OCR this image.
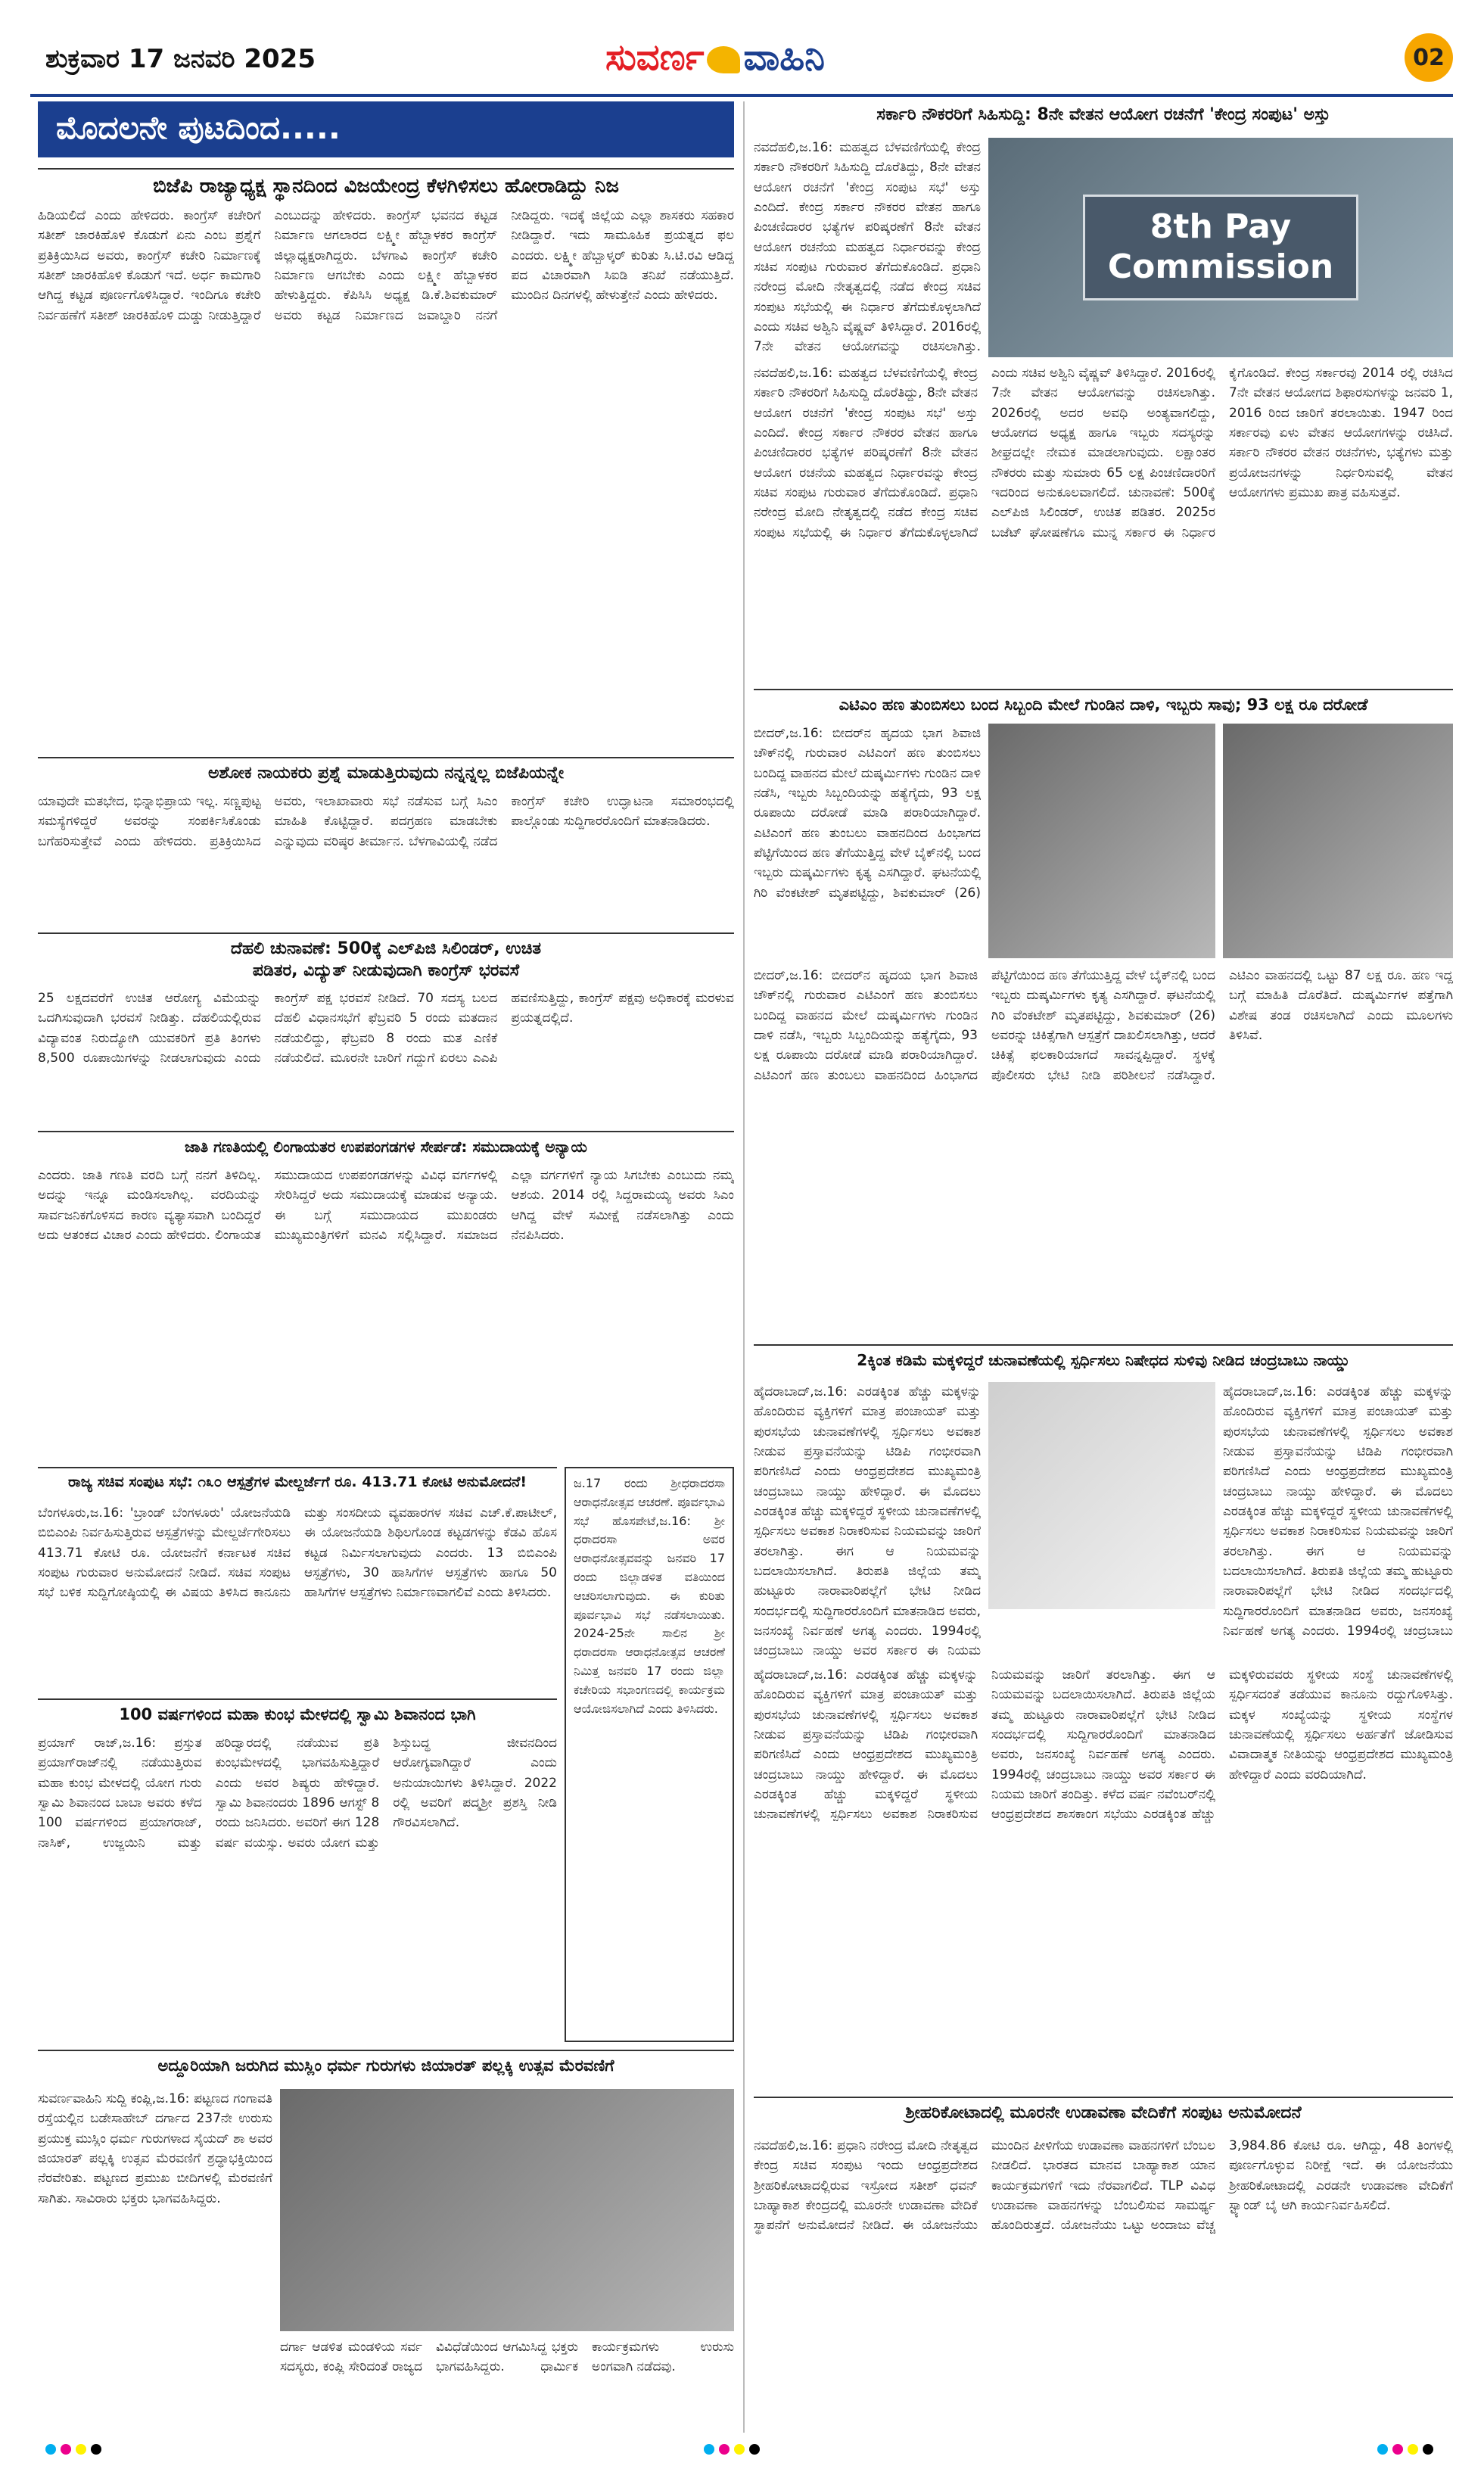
ಶುಕ್ರವಾರ 17 ಜನವರಿ 2025	ಸುವರ್ಣ ವಾಹಿನಿ	02
ಮೊದಲನೇ ಪುಟದಿಂದ.....
ಬಿಜೆಪಿ ರಾಜ್ಯಾಧ್ಯಕ್ಷ ಸ್ಥಾನದಿಂದ ವಿಜಯೇಂದ್ರ ಕೆಳಗಿಳಿಸಲು ಹೋರಾಡಿದ್ದು ನಿಜ
ಹಿಡಿಯಲಿದೆ ಎಂದು ಹೇಳಿದರು. ಕಾಂಗ್ರೆಸ್ ಕಚೇರಿಗೆ ಸತೀಶ್ ಜಾರಕಿಹೊಳಿ ಕೊಡುಗೆ ಏನು ಎಂಬ ಪ್ರಶ್ನೆಗೆ ಪ್ರತಿಕ್ರಿಯಿಸಿದ ಅವರು, ಕಾಂಗ್ರೆಸ್ ಕಚೇರಿ ನಿರ್ಮಾಣಕ್ಕೆ ಸತೀಶ್ ಜಾರಕಿಹೊಳಿ ಕೊಡುಗೆ ಇದೆ. ಅರ್ಧ ಕಾಮಗಾರಿ ಆಗಿದ್ದ ಕಟ್ಟಡ ಪೂರ್ಣಗೊಳಿಸಿದ್ದಾರೆ. ಇಂದಿಗೂ ಕಚೇರಿ ನಿರ್ವಹಣೆಗೆ ಸತೀಶ್ ಜಾರಕಿಹೊಳಿ ದುಡ್ಡು ನೀಡುತ್ತಿದ್ದಾರೆ ಎಂಬುದನ್ನು ಹೇಳಿದರು. ಕಾಂಗ್ರೆಸ್ ಭವನದ ಕಟ್ಟಡ ನಿರ್ಮಾಣ ಆಗಲಾರದ ಲಕ್ಷ್ಮೀ ಹೆಬ್ಬಾಳಕರ ಕಾಂಗ್ರೆಸ್ ಜಿಲ್ಲಾಧ್ಯಕ್ಷರಾಗಿದ್ದರು. ಬೆಳಗಾವಿ ಕಾಂಗ್ರೆಸ್ ಕಚೇರಿ ನಿರ್ಮಾಣ ಆಗಬೇಕು ಎಂದು ಲಕ್ಷ್ಮೀ ಹೆಬ್ಬಾಳಕರ ಹೇಳುತ್ತಿದ್ದರು. ಕೆಪಿಸಿಸಿ ಅಧ್ಯಕ್ಷ ಡಿ.ಕೆ.ಶಿವಕುಮಾರ್ ಅವರು ಕಟ್ಟಡ ನಿರ್ಮಾಣದ ಜವಾಬ್ದಾರಿ ನನಗೆ ನೀಡಿದ್ದರು. ಇದಕ್ಕೆ ಜಿಲ್ಲೆಯ ಎಲ್ಲಾ ಶಾಸಕರು ಸಹಕಾರ ನೀಡಿದ್ದಾರೆ. ಇದು ಸಾಮೂಹಿಕ ಪ್ರಯತ್ನದ ಫಲ ಎಂದರು. ಲಕ್ಷ್ಮೀ ಹೆಬ್ಬಾಳ್ಕರ್ ಕುರಿತು ಸಿ.ಟಿ.ರವಿ ಆಡಿದ್ದ ಪದ ವಿಚಾರವಾಗಿ ಸಿಐಡಿ ತನಿಖೆ ನಡೆಯುತ್ತಿದೆ. ಮುಂದಿನ ದಿನಗಳಲ್ಲಿ ಹೇಳುತ್ತೇನೆ ಎಂದು ಹೇಳಿದರು.
ಅಶೋಕ ನಾಯಕರು ಪ್ರಶ್ನೆ ಮಾಡುತ್ತಿರುವುದು ನನ್ನನ್ನಲ್ಲ ಬಿಜೆಪಿಯನ್ನೇ
ಯಾವುದೇ ಮತಭೇದ, ಭಿನ್ನಾಭಿಪ್ರಾಯ ಇಲ್ಲ. ಸಣ್ಣಪುಟ್ಟ ಸಮಸ್ಯೆಗಳಿದ್ದರೆ ಅವರನ್ನು ಸಂಪರ್ಕಿಸಿಕೊಂಡು ಬಗೆಹರಿಸುತ್ತೇವೆ ಎಂದು ಹೇಳಿದರು. ಪ್ರತಿಕ್ರಿಯಿಸಿದ ಅವರು, ಇಲಾಖಾವಾರು ಸಭೆ ನಡೆಸುವ ಬಗ್ಗೆ ಸಿಎಂ ಮಾಹಿತಿ ಕೊಟ್ಟಿದ್ದಾರೆ. ಪದಗ್ರಹಣ ಮಾಡಬೇಕು ಎನ್ನುವುದು ವರಿಷ್ಠರ ತೀರ್ಮಾನ. ಬೆಳಗಾವಿಯಲ್ಲಿ ನಡೆದ ಕಾಂಗ್ರೆಸ್ ಕಚೇರಿ ಉದ್ಘಾಟನಾ ಸಮಾರಂಭದಲ್ಲಿ ಪಾಲ್ಗೊಂಡು ಸುದ್ದಿಗಾರರೊಂದಿಗೆ ಮಾತನಾಡಿದರು.
ದೆಹಲಿ ಚುನಾವಣೆ: 500ಕ್ಕೆ ಎಲ್‌ಪಿಜಿ ಸಿಲಿಂಡರ್, ಉಚಿತ
ಪಡಿತರ, ವಿದ್ಯುತ್ ನೀಡುವುದಾಗಿ ಕಾಂಗ್ರೆಸ್ ಭರವಸೆ
25 ಲಕ್ಷದವರೆಗೆ ಉಚಿತ ಆರೋಗ್ಯ ವಿಮೆಯನ್ನು ಒದಗಿಸುವುದಾಗಿ ಭರವಸೆ ನೀಡಿತ್ತು. ದೆಹಲಿಯಲ್ಲಿರುವ ವಿದ್ಯಾವಂತ ನಿರುದ್ಯೋಗಿ ಯುವಕರಿಗೆ ಪ್ರತಿ ತಿಂಗಳು 8,500 ರೂಪಾಯಿಗಳನ್ನು ನೀಡಲಾಗುವುದು ಎಂದು ಕಾಂಗ್ರೆಸ್ ಪಕ್ಷ ಭರವಸೆ ನೀಡಿದೆ. 70 ಸದಸ್ಯ ಬಲದ ದೆಹಲಿ ವಿಧಾನಸಭೆಗೆ ಫೆಬ್ರವರಿ 5 ರಂದು ಮತದಾನ ನಡೆಯಲಿದ್ದು, ಫೆಬ್ರವರಿ 8 ರಂದು ಮತ ಎಣಿಕೆ ನಡೆಯಲಿದೆ. ಮೂರನೇ ಬಾರಿಗೆ ಗದ್ದುಗೆ ಏರಲು ಎಎಪಿ ಹವಣಿಸುತ್ತಿದ್ದು, ಕಾಂಗ್ರೆಸ್ ಪಕ್ಷವು ಅಧಿಕಾರಕ್ಕೆ ಮರಳುವ ಪ್ರಯತ್ನದಲ್ಲಿದೆ.
ಜಾತಿ ಗಣತಿಯಲ್ಲಿ ಲಿಂಗಾಯತರ ಉಪಪಂಗಡಗಳ ಸೇರ್ಪಡೆ: ಸಮುದಾಯಕ್ಕೆ ಅನ್ಯಾಯ
ಎಂದರು. ಜಾತಿ ಗಣತಿ ವರದಿ ಬಗ್ಗೆ ನನಗೆ ತಿಳಿದಿಲ್ಲ. ಅದನ್ನು ಇನ್ನೂ ಮಂಡಿಸಲಾಗಿಲ್ಲ. ವರದಿಯನ್ನು ಸಾರ್ವಜನಿಕಗೊಳಿಸದ ಕಾರಣ ವ್ಯತ್ಯಾಸವಾಗಿ ಬಂದಿದ್ದರೆ ಅದು ಆತಂಕದ ವಿಚಾರ ಎಂದು ಹೇಳಿದರು. ಲಿಂಗಾಯತ ಸಮುದಾಯದ ಉಪಪಂಗಡಗಳನ್ನು ವಿವಿಧ ವರ್ಗಗಳಲ್ಲಿ ಸೇರಿಸಿದ್ದರೆ ಅದು ಸಮುದಾಯಕ್ಕೆ ಮಾಡುವ ಅನ್ಯಾಯ. ಈ ಬಗ್ಗೆ ಸಮುದಾಯದ ಮುಖಂಡರು ಮುಖ್ಯಮಂತ್ರಿಗಳಿಗೆ ಮನವಿ ಸಲ್ಲಿಸಿದ್ದಾರೆ. ಸಮಾಜದ ಎಲ್ಲಾ ವರ್ಗಗಳಿಗೆ ನ್ಯಾಯ ಸಿಗಬೇಕು ಎಂಬುದು ನಮ್ಮ ಆಶಯ. 2014 ರಲ್ಲಿ ಸಿದ್ದರಾಮಯ್ಯ ಅವರು ಸಿಎಂ ಆಗಿದ್ದ ವೇಳೆ ಸಮೀಕ್ಷೆ ನಡೆಸಲಾಗಿತ್ತು ಎಂದು ನೆನಪಿಸಿದರು.
ರಾಜ್ಯ ಸಚಿವ ಸಂಪುಟ ಸಭೆ: ೧೩೦ ಆಸ್ಪತ್ರೆಗಳ ಮೇಲ್ದರ್ಜೆಗೆ ರೂ. 413.71 ಕೋಟಿ ಅನುಮೋದನೆ!
ಬೆಂಗಳೂರು,ಜ.16: 'ಬ್ರಾಂಡ್ ಬೆಂಗಳೂರು' ಯೋಜನೆಯಡಿ ಬಿಬಿಎಂಪಿ ನಿರ್ವಹಿಸುತ್ತಿರುವ ಆಸ್ಪತ್ರೆಗಳನ್ನು ಮೇಲ್ದರ್ಜೆಗೇರಿಸಲು 413.71 ಕೋಟಿ ರೂ. ಯೋಜನೆಗೆ ಕರ್ನಾಟಕ ಸಚಿವ ಸಂಪುಟ ಗುರುವಾರ ಅನುಮೋದನೆ ನೀಡಿದೆ. ಸಚಿವ ಸಂಪುಟ ಸಭೆ ಬಳಿಕ ಸುದ್ದಿಗೋಷ್ಠಿಯಲ್ಲಿ ಈ ವಿಷಯ ತಿಳಿಸಿದ ಕಾನೂನು ಮತ್ತು ಸಂಸದೀಯ ವ್ಯವಹಾರಗಳ ಸಚಿವ ಎಚ್.ಕೆ.ಪಾಟೀಲ್, ಈ ಯೋಜನೆಯಡಿ ಶಿಥಿಲಗೊಂಡ ಕಟ್ಟಡಗಳನ್ನು ಕೆಡವಿ ಹೊಸ ಕಟ್ಟಡ ನಿರ್ಮಿಸಲಾಗುವುದು ಎಂದರು. 13 ಬಿಬಿಎಂಪಿ ಆಸ್ಪತ್ರೆಗಳು, 30 ಹಾಸಿಗೆಗಳ ಆಸ್ಪತ್ರೆಗಳು ಹಾಗೂ 50 ಹಾಸಿಗೆಗಳ ಆಸ್ಪತ್ರೆಗಳು ನಿರ್ಮಾಣವಾಗಲಿವೆ ಎಂದು ತಿಳಿಸಿದರು.
ಜ.17 ರಂದು ಶ್ರೀಧರಾದರಸಾ ಆರಾಧನೋತ್ಸವ ಆಚರಣೆ. ಪೂರ್ವಭಾವಿ ಸಭೆ ಹೊಸಪೇಟೆ,ಜ.16: ಶ್ರೀ ಧರಾದರಸಾ ಅವರ ಆರಾಧನೋತ್ಸವವನ್ನು ಜನವರಿ 17 ರಂದು ಜಿಲ್ಲಾಡಳಿತ ವತಿಯಿಂದ ಆಚರಿಸಲಾಗುವುದು. ಈ ಕುರಿತು ಪೂರ್ವಭಾವಿ ಸಭೆ ನಡೆಸಲಾಯಿತು. 2024-25ನೇ ಸಾಲಿನ ಶ್ರೀ ಧರಾದರಸಾ ಆರಾಧನೋತ್ಸವ ಆಚರಣೆ ನಿಮಿತ್ತ ಜನವರಿ 17 ರಂದು ಜಿಲ್ಲಾ ಕಚೇರಿಯ ಸಭಾಂಗಣದಲ್ಲಿ ಕಾರ್ಯಕ್ರಮ ಆಯೋಜಿಸಲಾಗಿದೆ ಎಂದು ತಿಳಿಸಿದರು.
100 ವರ್ಷಗಳಿಂದ ಮಹಾ ಕುಂಭ ಮೇಳದಲ್ಲಿ ಸ್ವಾಮಿ ಶಿವಾನಂದ ಭಾಗಿ
ಪ್ರಯಾಗ್ ರಾಜ್,ಜ.16: ಪ್ರಸ್ತುತ ಪ್ರಯಾಗ್‌ರಾಜ್‌ನಲ್ಲಿ ನಡೆಯುತ್ತಿರುವ ಮಹಾ ಕುಂಭ ಮೇಳದಲ್ಲಿ ಯೋಗ ಗುರು ಸ್ವಾಮಿ ಶಿವಾನಂದ ಬಾಬಾ ಅವರು ಕಳೆದ 100 ವರ್ಷಗಳಿಂದ ಪ್ರಯಾಗರಾಜ್, ನಾಸಿಕ್, ಉಜ್ಜಯಿನಿ ಮತ್ತು ಹರಿದ್ವಾರದಲ್ಲಿ ನಡೆಯುವ ಪ್ರತಿ ಕುಂಭಮೇಳದಲ್ಲಿ ಭಾಗವಹಿಸುತ್ತಿದ್ದಾರೆ ಎಂದು ಅವರ ಶಿಷ್ಯರು ಹೇಳಿದ್ದಾರೆ. ಸ್ವಾಮಿ ಶಿವಾನಂದರು 1896 ಆಗಸ್ಟ್ 8 ರಂದು ಜನಿಸಿದರು. ಅವರಿಗೆ ಈಗ 128 ವರ್ಷ ವಯಸ್ಸು. ಅವರು ಯೋಗ ಮತ್ತು ಶಿಸ್ತುಬದ್ಧ ಜೀವನದಿಂದ ಆರೋಗ್ಯವಾಗಿದ್ದಾರೆ ಎಂದು ಅನುಯಾಯಿಗಳು ತಿಳಿಸಿದ್ದಾರೆ. 2022 ರಲ್ಲಿ ಅವರಿಗೆ ಪದ್ಮಶ್ರೀ ಪ್ರಶಸ್ತಿ ನೀಡಿ ಗೌರವಿಸಲಾಗಿದೆ.
ಅದ್ದೂರಿಯಾಗಿ ಜರುಗಿದ ಮುಸ್ಲಿಂ ಧರ್ಮ ಗುರುಗಳು ಜಿಯಾರತ್ ಪಲ್ಲಕ್ಕಿ ಉತ್ಸವ ಮೆರವಣಿಗೆ
ಸುವರ್ಣವಾಹಿನಿ ಸುದ್ದಿ ಕಂಪ್ಲಿ,ಜ.16: ಪಟ್ಟಣದ ಗಂಗಾವತಿ ರಸ್ತೆಯಲ್ಲಿನ ಬಡೇಸಾಹೇಬ್ ದರ್ಗಾದ 237ನೇ ಉರುಸು ಪ್ರಯುಕ್ತ ಮುಸ್ಲಿಂ ಧರ್ಮ ಗುರುಗಳಾದ ಸೈಯದ್ ಶಾ ಅವರ ಜಿಯಾರತ್ ಪಲ್ಲಕ್ಕಿ ಉತ್ಸವ ಮೆರವಣಿಗೆ ಶ್ರದ್ಧಾಭಕ್ತಿಯಿಂದ ನೆರವೇರಿತು. ಪಟ್ಟಣದ ಪ್ರಮುಖ ಬೀದಿಗಳಲ್ಲಿ ಮೆರವಣಿಗೆ ಸಾಗಿತು. ಸಾವಿರಾರು ಭಕ್ತರು ಭಾಗವಹಿಸಿದ್ದರು.
ದರ್ಗಾ ಆಡಳಿತ ಮಂಡಳಿಯ ಸರ್ವ ಸದಸ್ಯರು, ಕಂಪ್ಲಿ ಸೇರಿದಂತೆ ರಾಜ್ಯದ ವಿವಿಧೆಡೆಯಿಂದ ಆಗಮಿಸಿದ್ದ ಭಕ್ತರು ಭಾಗವಹಿಸಿದ್ದರು. ಧಾರ್ಮಿಕ ಕಾರ್ಯಕ್ರಮಗಳು ಉರುಸು ಅಂಗವಾಗಿ ನಡೆದವು.
ಸರ್ಕಾರಿ ನೌಕರರಿಗೆ ಸಿಹಿಸುದ್ದಿ: 8ನೇ ವೇತನ ಆಯೋಗ ರಚನೆಗೆ 'ಕೇಂದ್ರ ಸಂಪುಟ' ಅಸ್ತು
ನವದೆಹಲಿ,ಜ.16: ಮಹತ್ವದ ಬೆಳವಣಿಗೆಯಲ್ಲಿ ಕೇಂದ್ರ ಸರ್ಕಾರಿ ನೌಕರರಿಗೆ ಸಿಹಿಸುದ್ದಿ ದೊರೆತಿದ್ದು, 8ನೇ ವೇತನ ಆಯೋಗ ರಚನೆಗೆ 'ಕೇಂದ್ರ ಸಂಪುಟ ಸಭೆ' ಅಸ್ತು ಎಂದಿದೆ. ಕೇಂದ್ರ ಸರ್ಕಾರ ನೌಕರರ ವೇತನ ಹಾಗೂ ಪಿಂಚಣಿದಾರರ ಭತ್ಯೆಗಳ ಪರಿಷ್ಕರಣೆಗೆ 8ನೇ ವೇತನ ಆಯೋಗ ರಚನೆಯ ಮಹತ್ವದ ನಿರ್ಧಾರವನ್ನು ಕೇಂದ್ರ ಸಚಿವ ಸಂಪುಟ ಗುರುವಾರ ತೆಗೆದುಕೊಂಡಿದೆ. ಪ್ರಧಾನಿ ನರೇಂದ್ರ ಮೋದಿ ನೇತೃತ್ವದಲ್ಲಿ ನಡೆದ ಕೇಂದ್ರ ಸಚಿವ ಸಂಪುಟ ಸಭೆಯಲ್ಲಿ ಈ ನಿರ್ಧಾರ ತೆಗೆದುಕೊಳ್ಳಲಾಗಿದೆ ಎಂದು ಸಚಿವ ಅಶ್ವಿನಿ ವೈಷ್ಣವ್ ತಿಳಿಸಿದ್ದಾರೆ. 2016ರಲ್ಲಿ 7ನೇ ವೇತನ ಆಯೋಗವನ್ನು ರಚಿಸಲಾಗಿತ್ತು.
8th Pay
Commission
ನವದೆಹಲಿ,ಜ.16: ಮಹತ್ವದ ಬೆಳವಣಿಗೆಯಲ್ಲಿ ಕೇಂದ್ರ ಸರ್ಕಾರಿ ನೌಕರರಿಗೆ ಸಿಹಿಸುದ್ದಿ ದೊರೆತಿದ್ದು, 8ನೇ ವೇತನ ಆಯೋಗ ರಚನೆಗೆ 'ಕೇಂದ್ರ ಸಂಪುಟ ಸಭೆ' ಅಸ್ತು ಎಂದಿದೆ. ಕೇಂದ್ರ ಸರ್ಕಾರ ನೌಕರರ ವೇತನ ಹಾಗೂ ಪಿಂಚಣಿದಾರರ ಭತ್ಯೆಗಳ ಪರಿಷ್ಕರಣೆಗೆ 8ನೇ ವೇತನ ಆಯೋಗ ರಚನೆಯ ಮಹತ್ವದ ನಿರ್ಧಾರವನ್ನು ಕೇಂದ್ರ ಸಚಿವ ಸಂಪುಟ ಗುರುವಾರ ತೆಗೆದುಕೊಂಡಿದೆ. ಪ್ರಧಾನಿ ನರೇಂದ್ರ ಮೋದಿ ನೇತೃತ್ವದಲ್ಲಿ ನಡೆದ ಕೇಂದ್ರ ಸಚಿವ ಸಂಪುಟ ಸಭೆಯಲ್ಲಿ ಈ ನಿರ್ಧಾರ ತೆಗೆದುಕೊಳ್ಳಲಾಗಿದೆ ಎಂದು ಸಚಿವ ಅಶ್ವಿನಿ ವೈಷ್ಣವ್ ತಿಳಿಸಿದ್ದಾರೆ. 2016ರಲ್ಲಿ 7ನೇ ವೇತನ ಆಯೋಗವನ್ನು ರಚಿಸಲಾಗಿತ್ತು. 2026ರಲ್ಲಿ ಅದರ ಅವಧಿ ಅಂತ್ಯವಾಗಲಿದ್ದು, ಆಯೋಗದ ಅಧ್ಯಕ್ಷ ಹಾಗೂ ಇಬ್ಬರು ಸದಸ್ಯರನ್ನು ಶೀಘ್ರದಲ್ಲೇ ನೇಮಕ ಮಾಡಲಾಗುವುದು. ಲಕ್ಷಾಂತರ ನೌಕರರು ಮತ್ತು ಸುಮಾರು 65 ಲಕ್ಷ ಪಿಂಚಣಿದಾರರಿಗೆ ಇದರಿಂದ ಅನುಕೂಲವಾಗಲಿದೆ. ಚುನಾವಣೆ: 500ಕ್ಕೆ ಎಲ್‌ಪಿಜಿ ಸಿಲಿಂಡರ್, ಉಚಿತ ಪಡಿತರ. 2025ರ ಬಜೆಟ್ ಘೋಷಣೆಗೂ ಮುನ್ನ ಸರ್ಕಾರ ಈ ನಿರ್ಧಾರ ಕೈಗೊಂಡಿದೆ. ಕೇಂದ್ರ ಸರ್ಕಾರವು 2014 ರಲ್ಲಿ ರಚಿಸಿದ 7ನೇ ವೇತನ ಆಯೋಗದ ಶಿಫಾರಸುಗಳನ್ನು ಜನವರಿ 1, 2016 ರಿಂದ ಜಾರಿಗೆ ತರಲಾಯಿತು. 1947 ರಿಂದ ಸರ್ಕಾರವು ಏಳು ವೇತನ ಆಯೋಗಗಳನ್ನು ರಚಿಸಿದೆ. ಸರ್ಕಾರಿ ನೌಕರರ ವೇತನ ರಚನೆಗಳು, ಭತ್ಯೆಗಳು ಮತ್ತು ಪ್ರಯೋಜನಗಳನ್ನು ನಿರ್ಧರಿಸುವಲ್ಲಿ ವೇತನ ಆಯೋಗಗಳು ಪ್ರಮುಖ ಪಾತ್ರ ವಹಿಸುತ್ತವೆ.
ಎಟಿಎಂ ಹಣ ತುಂಬಿಸಲು ಬಂದ ಸಿಬ್ಬಂದಿ ಮೇಲೆ ಗುಂಡಿನ ದಾಳಿ, ಇಬ್ಬರು ಸಾವು; 93 ಲಕ್ಷ ರೂ ದರೋಡೆ
ಬೀದರ್,ಜ.16: ಬೀದರ್‌ನ ಹೃದಯ ಭಾಗ ಶಿವಾಜಿ ಚೌಕ್‌ನಲ್ಲಿ ಗುರುವಾರ ಎಟಿಎಂಗೆ ಹಣ ತುಂಬಿಸಲು ಬಂದಿದ್ದ ವಾಹನದ ಮೇಲೆ ದುಷ್ಕರ್ಮಿಗಳು ಗುಂಡಿನ ದಾಳಿ ನಡೆಸಿ, ಇಬ್ಬರು ಸಿಬ್ಬಂದಿಯನ್ನು ಹತ್ಯೆಗೈದು, 93 ಲಕ್ಷ ರೂಪಾಯಿ ದರೋಡೆ ಮಾಡಿ ಪರಾರಿಯಾಗಿದ್ದಾರೆ. ಎಟಿಎಂಗೆ ಹಣ ತುಂಬಲು ವಾಹನದಿಂದ ಹಿಂಭಾಗದ ಪೆಟ್ಟಿಗೆಯಿಂದ ಹಣ ತೆಗೆಯುತ್ತಿದ್ದ ವೇಳೆ ಬೈಕ್‌ನಲ್ಲಿ ಬಂದ ಇಬ್ಬರು ದುಷ್ಕರ್ಮಿಗಳು ಕೃತ್ಯ ಎಸಗಿದ್ದಾರೆ. ಘಟನೆಯಲ್ಲಿ ಗಿರಿ ವೆಂಕಟೇಶ್ ಮೃತಪಟ್ಟಿದ್ದು, ಶಿವಕುಮಾರ್ (26)
ಬೀದರ್,ಜ.16: ಬೀದರ್‌ನ ಹೃದಯ ಭಾಗ ಶಿವಾಜಿ ಚೌಕ್‌ನಲ್ಲಿ ಗುರುವಾರ ಎಟಿಎಂಗೆ ಹಣ ತುಂಬಿಸಲು ಬಂದಿದ್ದ ವಾಹನದ ಮೇಲೆ ದುಷ್ಕರ್ಮಿಗಳು ಗುಂಡಿನ ದಾಳಿ ನಡೆಸಿ, ಇಬ್ಬರು ಸಿಬ್ಬಂದಿಯನ್ನು ಹತ್ಯೆಗೈದು, 93 ಲಕ್ಷ ರೂಪಾಯಿ ದರೋಡೆ ಮಾಡಿ ಪರಾರಿಯಾಗಿದ್ದಾರೆ. ಎಟಿಎಂಗೆ ಹಣ ತುಂಬಲು ವಾಹನದಿಂದ ಹಿಂಭಾಗದ ಪೆಟ್ಟಿಗೆಯಿಂದ ಹಣ ತೆಗೆಯುತ್ತಿದ್ದ ವೇಳೆ ಬೈಕ್‌ನಲ್ಲಿ ಬಂದ ಇಬ್ಬರು ದುಷ್ಕರ್ಮಿಗಳು ಕೃತ್ಯ ಎಸಗಿದ್ದಾರೆ. ಘಟನೆಯಲ್ಲಿ ಗಿರಿ ವೆಂಕಟೇಶ್ ಮೃತಪಟ್ಟಿದ್ದು, ಶಿವಕುಮಾರ್ (26) ಅವರನ್ನು ಚಿಕಿತ್ಸೆಗಾಗಿ ಆಸ್ಪತ್ರೆಗೆ ದಾಖಲಿಸಲಾಗಿತ್ತು, ಆದರೆ ಚಿಕಿತ್ಸೆ ಫಲಕಾರಿಯಾಗದೆ ಸಾವನ್ನಪ್ಪಿದ್ದಾರೆ. ಸ್ಥಳಕ್ಕೆ ಪೊಲೀಸರು ಭೇಟಿ ನೀಡಿ ಪರಿಶೀಲನೆ ನಡೆಸಿದ್ದಾರೆ. ಎಟಿಎಂ ವಾಹನದಲ್ಲಿ ಒಟ್ಟು 87 ಲಕ್ಷ ರೂ. ಹಣ ಇದ್ದ ಬಗ್ಗೆ ಮಾಹಿತಿ ದೊರೆತಿದೆ. ದುಷ್ಕರ್ಮಿಗಳ ಪತ್ತೆಗಾಗಿ ವಿಶೇಷ ತಂಡ ರಚಿಸಲಾಗಿದೆ ಎಂದು ಮೂಲಗಳು ತಿಳಿಸಿವೆ.
2ಕ್ಕಿಂತ ಕಡಿಮೆ ಮಕ್ಕಳಿದ್ದರೆ ಚುನಾವಣೆಯಲ್ಲಿ ಸ್ಪರ್ಧಿಸಲು ನಿಷೇಧದ ಸುಳಿವು ನೀಡಿದ ಚಂದ್ರಬಾಬು ನಾಯ್ಡು
ಹೈದರಾಬಾದ್,ಜ.16: ಎರಡಕ್ಕಿಂತ ಹೆಚ್ಚು ಮಕ್ಕಳನ್ನು ಹೊಂದಿರುವ ವ್ಯಕ್ತಿಗಳಿಗೆ ಮಾತ್ರ ಪಂಚಾಯತ್ ಮತ್ತು ಪುರಸಭೆಯ ಚುನಾವಣೆಗಳಲ್ಲಿ ಸ್ಪರ್ಧಿಸಲು ಅವಕಾಶ ನೀಡುವ ಪ್ರಸ್ತಾವನೆಯನ್ನು ಟಿಡಿಪಿ ಗಂಭೀರವಾಗಿ ಪರಿಗಣಿಸಿದೆ ಎಂದು ಆಂಧ್ರಪ್ರದೇಶದ ಮುಖ್ಯಮಂತ್ರಿ ಚಂದ್ರಬಾಬು ನಾಯ್ಡು ಹೇಳಿದ್ದಾರೆ. ಈ ಮೊದಲು ಎರಡಕ್ಕಿಂತ ಹೆಚ್ಚು ಮಕ್ಕಳಿದ್ದರೆ ಸ್ಥಳೀಯ ಚುನಾವಣೆಗಳಲ್ಲಿ ಸ್ಪರ್ಧಿಸಲು ಅವಕಾಶ ನಿರಾಕರಿಸುವ ನಿಯಮವನ್ನು ಜಾರಿಗೆ ತರಲಾಗಿತ್ತು. ಈಗ ಆ ನಿಯಮವನ್ನು ಬದಲಾಯಿಸಲಾಗಿದೆ. ತಿರುಪತಿ ಜಿಲ್ಲೆಯ ತಮ್ಮ ಹುಟ್ಟೂರು ನಾರಾವಾರಿಪಲ್ಲೆಗೆ ಭೇಟಿ ನೀಡಿದ ಸಂದರ್ಭದಲ್ಲಿ ಸುದ್ದಿಗಾರರೊಂದಿಗೆ ಮಾತನಾಡಿದ ಅವರು, ಜನಸಂಖ್ಯೆ ನಿರ್ವಹಣೆ ಅಗತ್ಯ ಎಂದರು. 1994ರಲ್ಲಿ ಚಂದ್ರಬಾಬು ನಾಯ್ಡು ಅವರ ಸರ್ಕಾರ ಈ ನಿಯಮ
ಹೈದರಾಬಾದ್,ಜ.16: ಎರಡಕ್ಕಿಂತ ಹೆಚ್ಚು ಮಕ್ಕಳನ್ನು ಹೊಂದಿರುವ ವ್ಯಕ್ತಿಗಳಿಗೆ ಮಾತ್ರ ಪಂಚಾಯತ್ ಮತ್ತು ಪುರಸಭೆಯ ಚುನಾವಣೆಗಳಲ್ಲಿ ಸ್ಪರ್ಧಿಸಲು ಅವಕಾಶ ನೀಡುವ ಪ್ರಸ್ತಾವನೆಯನ್ನು ಟಿಡಿಪಿ ಗಂಭೀರವಾಗಿ ಪರಿಗಣಿಸಿದೆ ಎಂದು ಆಂಧ್ರಪ್ರದೇಶದ ಮುಖ್ಯಮಂತ್ರಿ ಚಂದ್ರಬಾಬು ನಾಯ್ಡು ಹೇಳಿದ್ದಾರೆ. ಈ ಮೊದಲು ಎರಡಕ್ಕಿಂತ ಹೆಚ್ಚು ಮಕ್ಕಳಿದ್ದರೆ ಸ್ಥಳೀಯ ಚುನಾವಣೆಗಳಲ್ಲಿ ಸ್ಪರ್ಧಿಸಲು ಅವಕಾಶ ನಿರಾಕರಿಸುವ ನಿಯಮವನ್ನು ಜಾರಿಗೆ ತರಲಾಗಿತ್ತು. ಈಗ ಆ ನಿಯಮವನ್ನು ಬದಲಾಯಿಸಲಾಗಿದೆ. ತಿರುಪತಿ ಜಿಲ್ಲೆಯ ತಮ್ಮ ಹುಟ್ಟೂರು ನಾರಾವಾರಿಪಲ್ಲೆಗೆ ಭೇಟಿ ನೀಡಿದ ಸಂದರ್ಭದಲ್ಲಿ ಸುದ್ದಿಗಾರರೊಂದಿಗೆ ಮಾತನಾಡಿದ ಅವರು, ಜನಸಂಖ್ಯೆ ನಿರ್ವಹಣೆ ಅಗತ್ಯ ಎಂದರು. 1994ರಲ್ಲಿ ಚಂದ್ರಬಾಬು
ಹೈದರಾಬಾದ್,ಜ.16: ಎರಡಕ್ಕಿಂತ ಹೆಚ್ಚು ಮಕ್ಕಳನ್ನು ಹೊಂದಿರುವ ವ್ಯಕ್ತಿಗಳಿಗೆ ಮಾತ್ರ ಪಂಚಾಯತ್ ಮತ್ತು ಪುರಸಭೆಯ ಚುನಾವಣೆಗಳಲ್ಲಿ ಸ್ಪರ್ಧಿಸಲು ಅವಕಾಶ ನೀಡುವ ಪ್ರಸ್ತಾವನೆಯನ್ನು ಟಿಡಿಪಿ ಗಂಭೀರವಾಗಿ ಪರಿಗಣಿಸಿದೆ ಎಂದು ಆಂಧ್ರಪ್ರದೇಶದ ಮುಖ್ಯಮಂತ್ರಿ ಚಂದ್ರಬಾಬು ನಾಯ್ಡು ಹೇಳಿದ್ದಾರೆ. ಈ ಮೊದಲು ಎರಡಕ್ಕಿಂತ ಹೆಚ್ಚು ಮಕ್ಕಳಿದ್ದರೆ ಸ್ಥಳೀಯ ಚುನಾವಣೆಗಳಲ್ಲಿ ಸ್ಪರ್ಧಿಸಲು ಅವಕಾಶ ನಿರಾಕರಿಸುವ ನಿಯಮವನ್ನು ಜಾರಿಗೆ ತರಲಾಗಿತ್ತು. ಈಗ ಆ ನಿಯಮವನ್ನು ಬದಲಾಯಿಸಲಾಗಿದೆ. ತಿರುಪತಿ ಜಿಲ್ಲೆಯ ತಮ್ಮ ಹುಟ್ಟೂರು ನಾರಾವಾರಿಪಲ್ಲೆಗೆ ಭೇಟಿ ನೀಡಿದ ಸಂದರ್ಭದಲ್ಲಿ ಸುದ್ದಿಗಾರರೊಂದಿಗೆ ಮಾತನಾಡಿದ ಅವರು, ಜನಸಂಖ್ಯೆ ನಿರ್ವಹಣೆ ಅಗತ್ಯ ಎಂದರು. 1994ರಲ್ಲಿ ಚಂದ್ರಬಾಬು ನಾಯ್ಡು ಅವರ ಸರ್ಕಾರ ಈ ನಿಯಮ ಜಾರಿಗೆ ತಂದಿತ್ತು. ಕಳೆದ ವರ್ಷ ನವೆಂಬರ್‌ನಲ್ಲಿ ಆಂಧ್ರಪ್ರದೇಶದ ಶಾಸಕಾಂಗ ಸಭೆಯು ಎರಡಕ್ಕಿಂತ ಹೆಚ್ಚು ಮಕ್ಕಳಿರುವವರು ಸ್ಥಳೀಯ ಸಂಸ್ಥೆ ಚುನಾವಣೆಗಳಲ್ಲಿ ಸ್ಪರ್ಧಿಸದಂತೆ ತಡೆಯುವ ಕಾನೂನು ರದ್ದುಗೊಳಿಸಿತ್ತು. ಮಕ್ಕಳ ಸಂಖ್ಯೆಯನ್ನು ಸ್ಥಳೀಯ ಸಂಸ್ಥೆಗಳ ಚುನಾವಣೆಯಲ್ಲಿ ಸ್ಪರ್ಧಿಸಲು ಅರ್ಹತೆಗೆ ಜೋಡಿಸುವ ವಿವಾದಾತ್ಮಕ ನೀತಿಯನ್ನು ಆಂಧ್ರಪ್ರದೇಶದ ಮುಖ್ಯಮಂತ್ರಿ ಹೇಳಿದ್ದಾರೆ ಎಂದು ವರದಿಯಾಗಿದೆ.
ಶ್ರೀಹರಿಕೋಟಾದಲ್ಲಿ ಮೂರನೇ ಉಡಾವಣಾ ವೇದಿಕೆಗೆ ಸಂಪುಟ ಅನುಮೋದನೆ
ನವದೆಹಲಿ,ಜ.16: ಪ್ರಧಾನಿ ನರೇಂದ್ರ ಮೋದಿ ನೇತೃತ್ವದ ಕೇಂದ್ರ ಸಚಿವ ಸಂಪುಟ ಇಂದು ಆಂಧ್ರಪ್ರದೇಶದ ಶ್ರೀಹರಿಕೋಟಾದಲ್ಲಿರುವ ಇಸ್ರೋದ ಸತೀಶ್ ಧವನ್ ಬಾಹ್ಯಾಕಾಶ ಕೇಂದ್ರದಲ್ಲಿ ಮೂರನೇ ಉಡಾವಣಾ ವೇದಿಕೆ ಸ್ಥಾಪನೆಗೆ ಅನುಮೋದನೆ ನೀಡಿದೆ. ಈ ಯೋಜನೆಯು ಮುಂದಿನ ಪೀಳಿಗೆಯ ಉಡಾವಣಾ ವಾಹನಗಳಿಗೆ ಬೆಂಬಲ ನೀಡಲಿದೆ. ಭಾರತದ ಮಾನವ ಬಾಹ್ಯಾಕಾಶ ಯಾನ ಕಾರ್ಯಕ್ರಮಗಳಿಗೆ ಇದು ನೆರವಾಗಲಿದೆ. TLP ವಿವಿಧ ಉಡಾವಣಾ ವಾಹನಗಳನ್ನು ಬೆಂಬಲಿಸುವ ಸಾಮರ್ಥ್ಯ ಹೊಂದಿರುತ್ತದೆ. ಯೋಜನೆಯು ಒಟ್ಟು ಅಂದಾಜು ವೆಚ್ಚ 3,984.86 ಕೋಟಿ ರೂ. ಆಗಿದ್ದು, 48 ತಿಂಗಳಲ್ಲಿ ಪೂರ್ಣಗೊಳ್ಳುವ ನಿರೀಕ್ಷೆ ಇದೆ. ಈ ಯೋಜನೆಯು ಶ್ರೀಹರಿಕೋಟಾದಲ್ಲಿ ಎರಡನೇ ಉಡಾವಣಾ ವೇದಿಕೆಗೆ ಸ್ಟ್ಯಾಂಡ್ ಬೈ ಆಗಿ ಕಾರ್ಯನಿರ್ವಹಿಸಲಿದೆ.
